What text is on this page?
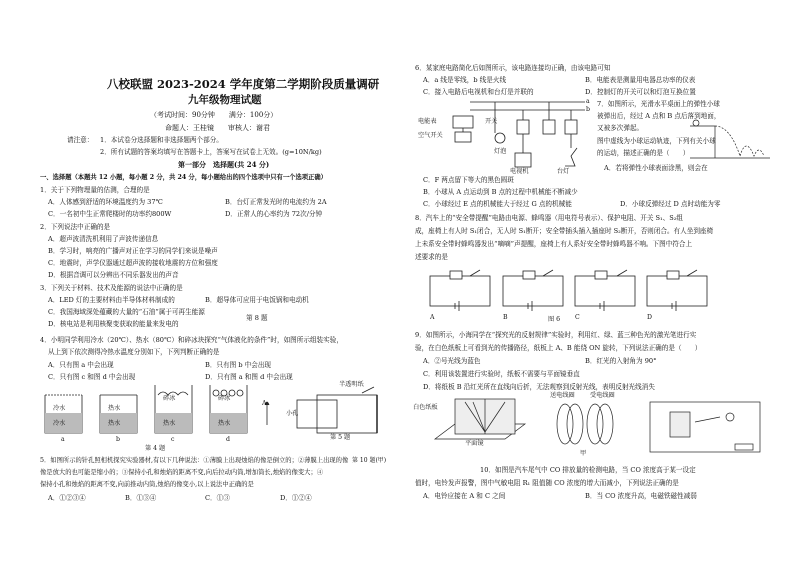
八校联盟 2023-2024 学年度第二学期阶段质量调研
九年级物理试题
（考试时间：90分钟　　满分：100分）
命题人：王桂镜　　审核人：谢君
请注意： 1．本试卷分选择题和非选择题两个部分。
2．所有试题的答案均填写在答题卡上，答案写在试卷上无效。(g=10N/kg)
第一部分　选择题(共 24 分)
一、选择题（本题共 12 小题，每小题 2 分，共 24 分，每小题给出的四个选项中只有一个选项正确）
1．关于下列物理量的估测，合理的是
A．人体感到舒适的环境温度约为 37℃	B．台灯正常发光时的电流约为 2A
C．一名初中生正常爬楼时的功率约800W	D．正常人的心率约为 72次/分钟
2．下列说法中正确的是
A．超声波清洗机利用了声波传递信息
B．学习时，响亮的广播声对正在学习的同学们来说是噪声
C．地震时，声学仪器通过超声波的接收地震的方位和强度
D．根据音调可以分辨出不同乐器发出的声音
3．下列关于材料、技术及能源的说法中正确的是
A．LED 灯的主要材料由半导体材料制成的	B．超导体可应用于电饭锅和电动机
C．我国海域深处蕴藏的大量的“石油”属于可再生能源
第 8 题
D．核电站是利用核聚变获取的能量来发电的
4．小明同学利用冷水（20℃）、热水（80℃）和碎冰块探究“气体液化的条件”时，如图所示组装实验，
从上到下依次测得冷热水温度分别如下，下列判断正确的是
A．只有图 a 中会出现	B．只有图 b 中会出现
C．只有图 c 和图 d 中会出现	D．只有图 a 和图 d 中会出现
冷水	热水
碎冰	碎冰
冷水	热水	热水	热水
a	b	c	d
第 4 题
A
半透明纸
小孔
第 5 题
5．如图所示的针孔照相机探究实验器材,有以下几种说法：①薄膜上出现烛焰的像是倒立的；②薄膜上出现的像
像是放大的也可能是缩小的；③保持小孔和烛焰的距离不变,向后拉动内筒,增加筒长,烛焰的像变大；④
保持小孔和烛焰的距离不变,向前推动内筒,烛焰的像变小,以上说法中正确的是
A．①②③④	B．①③④	C．①③	D．①②④
第 10 题(甲)
6．某家庭电路简化后如图所示，该电路连接均正确，由该电路可知
A．a 线是零线，b 线是火线	B．电能表是测量用电器总功率的仪表
C．接入电路后电视机和台灯是并联的	D．控制灯的开关可以和灯泡互换位置
电能表
空气开关
开关
灯泡
电视机	台灯
a
b
7．如图所示，光滑水平桌面上的弹性小球
被弹出后，经过 A 点和 B 点后落到地面，
又被多次弹起。
图中虚线为小球运动轨迹，下列有关小球
的运动，描述正确的是（　　）
A．若将弹性小球表面涂黑，则会在
C．F 两点留下等大的黑色圆斑
B．小球从 A 点运动到 B 点的过程中机械能不断减少
C．小球经过 E 点的机械能大于经过 G 点的机械能	D．小球反弹经过 D 点时动能为零
8．汽车上的“安全带提醒”电路由电源、蜂鸣器（用电符号表示）、保护电阻、开关 S₁、S₂组
成，座椅上有人时 S₁闭合，无人时 S₁断开；安全带插头插入插座时 S₂断开，否则闭合。有人坐到座椅
上未系安全带时蜂鸣器发出“嘀嘀”声提醒，座椅上有人系好安全带时蜂鸣器不响。下图中符合上
述要求的是
A	B	C	D
图 6
9．如图所示，小海同学在“探究光的反射规律”实验时，利用红、绿、蓝三种色光的激光笔进行实
验，在白色纸板上可看到光的传播路径，纸板上 A、B 能绕 ON 旋转，下列说法正确的是（　　）
A．②号光线为蓝色	B．红光的入射角为 90°
C．利用该装置进行实验时，纸板不需要与平面镜垂直
D．将纸板 B 沿红光所在直线向后折，无法观察到反射光线，表明反射光线消失
白色纸板
平面镜
送电线圈 受电线圈
甲
10．如图是汽车尾气中 CO 排放量的检测电路，当 CO 浓度高于某一设定
值时，电铃发声报警，图中气敏电阻 R₁ 阻值随 CO 浓度的增大而减小，下列说法正确的是
A．电铃应接在 A 和 C 之间	B．当 CO 浓度升高，电磁铁磁性减弱
